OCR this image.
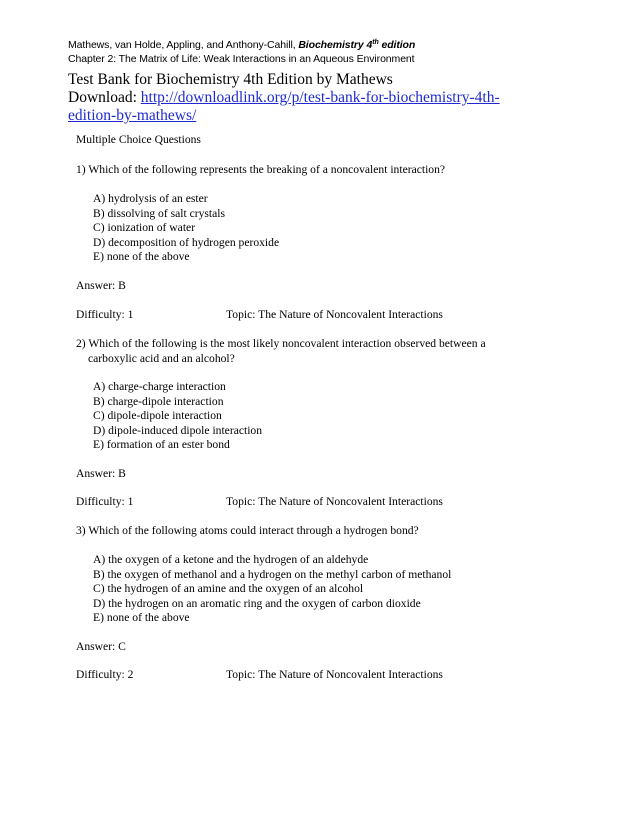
Mathews, van Holde, Appling, and Anthony-Cahill, Biochemistry 4th edition
Chapter 2: The Matrix of Life: Weak Interactions in an Aqueous Environment
Test Bank for Biochemistry 4th Edition by Mathews
Download: http://downloadlink.org/p/test-bank-for-biochemistry-4th-edition-by-mathews/
Multiple Choice Questions
1) Which of the following represents the breaking of a noncovalent interaction?
A) hydrolysis of an ester
B) dissolving of salt crystals
C) ionization of water
D) decomposition of hydrogen peroxide
E) none of the above
Answer: B
Difficulty: 1	Topic: The Nature of Noncovalent Interactions
2) Which of the following is the most likely noncovalent interaction observed between a
carboxylic acid and an alcohol?
A) charge-charge interaction
B) charge-dipole interaction
C) dipole-dipole interaction
D) dipole-induced dipole interaction
E) formation of an ester bond
Answer: B
Difficulty: 1	Topic: The Nature of Noncovalent Interactions
3) Which of the following atoms could interact through a hydrogen bond?
A) the oxygen of a ketone and the hydrogen of an aldehyde
B) the oxygen of methanol and a hydrogen on the methyl carbon of methanol
C) the hydrogen of an amine and the oxygen of an alcohol
D) the hydrogen on an aromatic ring and the oxygen of carbon dioxide
E) none of the above
Answer: C
Difficulty: 2	Topic: The Nature of Noncovalent Interactions
